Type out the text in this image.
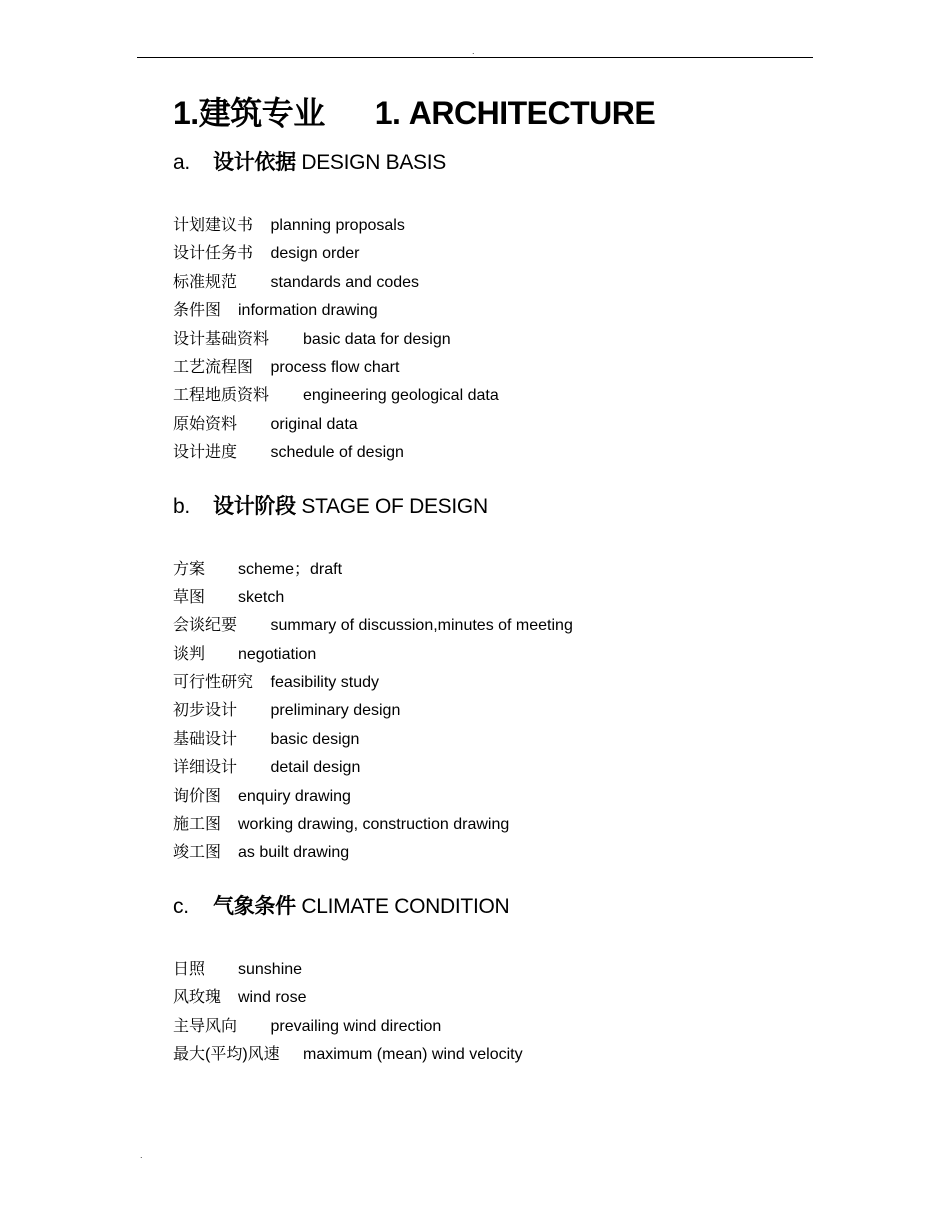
.
1.建筑专业 1. ARCHITECTURE
a. 设计依据 DESIGN BASIS
计划建议书 planning proposals
设计任务书 design order
标准规范 standards and codes
条件图 information drawing
设计基础资料 basic data for design
工艺流程图 process flow chart
工程地质资料 engineering geological data
原始资料 original data
设计进度 schedule of design
b. 设计阶段 STAGE OF DESIGN
方案 scheme；draft
草图 sketch
会谈纪要 summary of discussion,minutes of meeting
谈判 negotiation
可行性研究 feasibility study
初步设计 preliminary design
基础设计 basic design
详细设计 detail design
询价图 enquiry drawing
施工图 working drawing, construction drawing
竣工图 as built drawing
c. 气象条件 CLIMATE CONDITION
日照 sunshine
风玫瑰 wind rose
主导风向 prevailing wind direction
最大(平均)风速 maximum (mean) wind velocity
.
